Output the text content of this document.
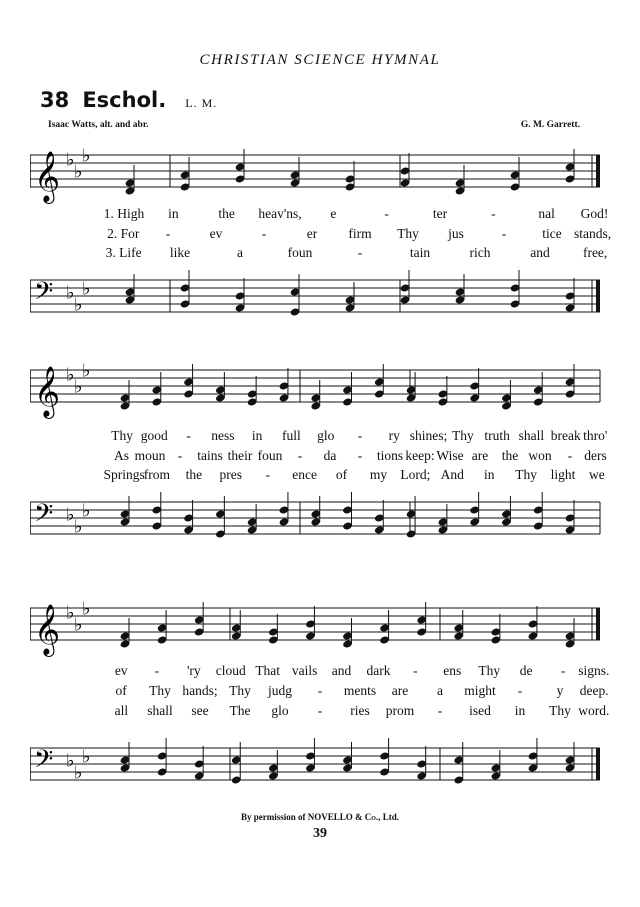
CHRISTIAN SCIENCE HYMNAL
38 Eschol. L. M.
Isaac Watts, alt. and abr.	G. M. Garrett.
𝄞 ♭
♭
♭
1. High in	the heav'ns, e	-	ter	-	nal God!
2. For -	ev	-	er firm Thy jus	-	tice stands,
3. Life like	a	foun	-	tain	rich	and free,
𝄢 ♭
♭
♭
𝄞 ♭
♭
♭
Thy good - ness in full glo - ry shines; Thy truth shall break thro'
As moun - tains their foun - da - tions keep: Wise are the won - ders
Springs from the pres - ence of my Lord; And in Thy light we
𝄢 ♭
♭
♭
𝄞 ♭
♭
♭
ev - 'ry cloud That vails and dark - ens Thy de - signs.
of Thy hands; Thy judg - ments are a might -	y deep.
all shall see The glo - ries prom - ised in Thy word.
𝄢 ♭
♭
♭
By permission of NOVELLO & Co., Ltd.
39
